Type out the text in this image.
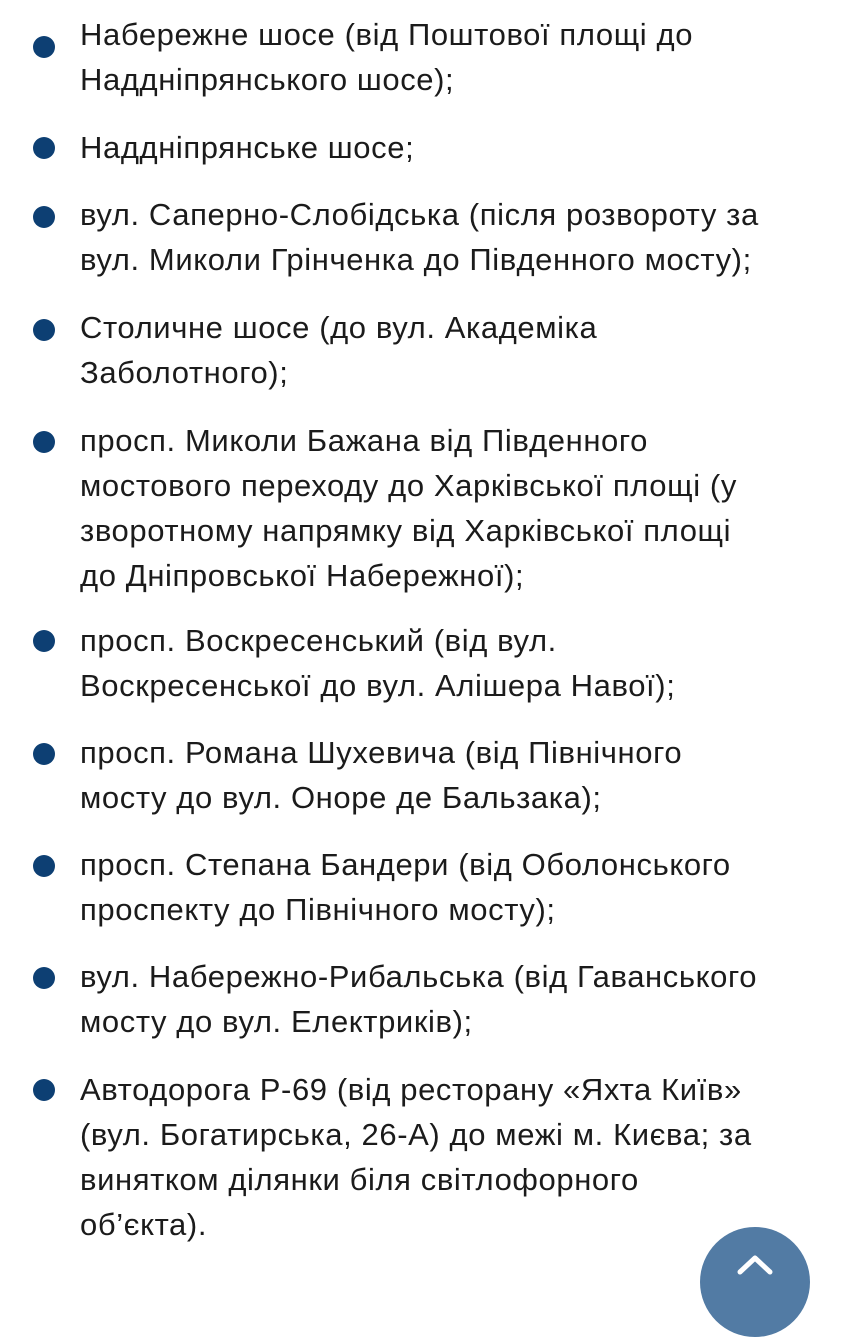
Набережне шосе (від Поштової площі до
Наддніпрянського шосе);
Наддніпрянське шосе;
вул. Саперно-Слобідська (після розвороту за
вул. Миколи Грінченка до Південного мосту);
Столичне шосе (до вул. Академіка
Заболотного);
просп. Миколи Бажана від Південного
мостового переходу до Харківської площі (у
зворотному напрямку від Харківської площі
до Дніпровської Набережної);
просп. Воскресенський (від вул.
Воскресенської до вул. Алішера Навої);
просп. Романа Шухевича (від Північного
мосту до вул. Оноре де Бальзака);
просп. Степана Бандери (від Оболонського
проспекту до Північного мосту);
вул. Набережно-Рибальська (від Гаванського
мосту до вул. Електриків);
Автодорога Р-69 (від ресторану «Яхта Київ»
(вул. Богатирська, 26-А) до межі м. Києва; за
винятком ділянки біля світлофорного
об’єкта).
